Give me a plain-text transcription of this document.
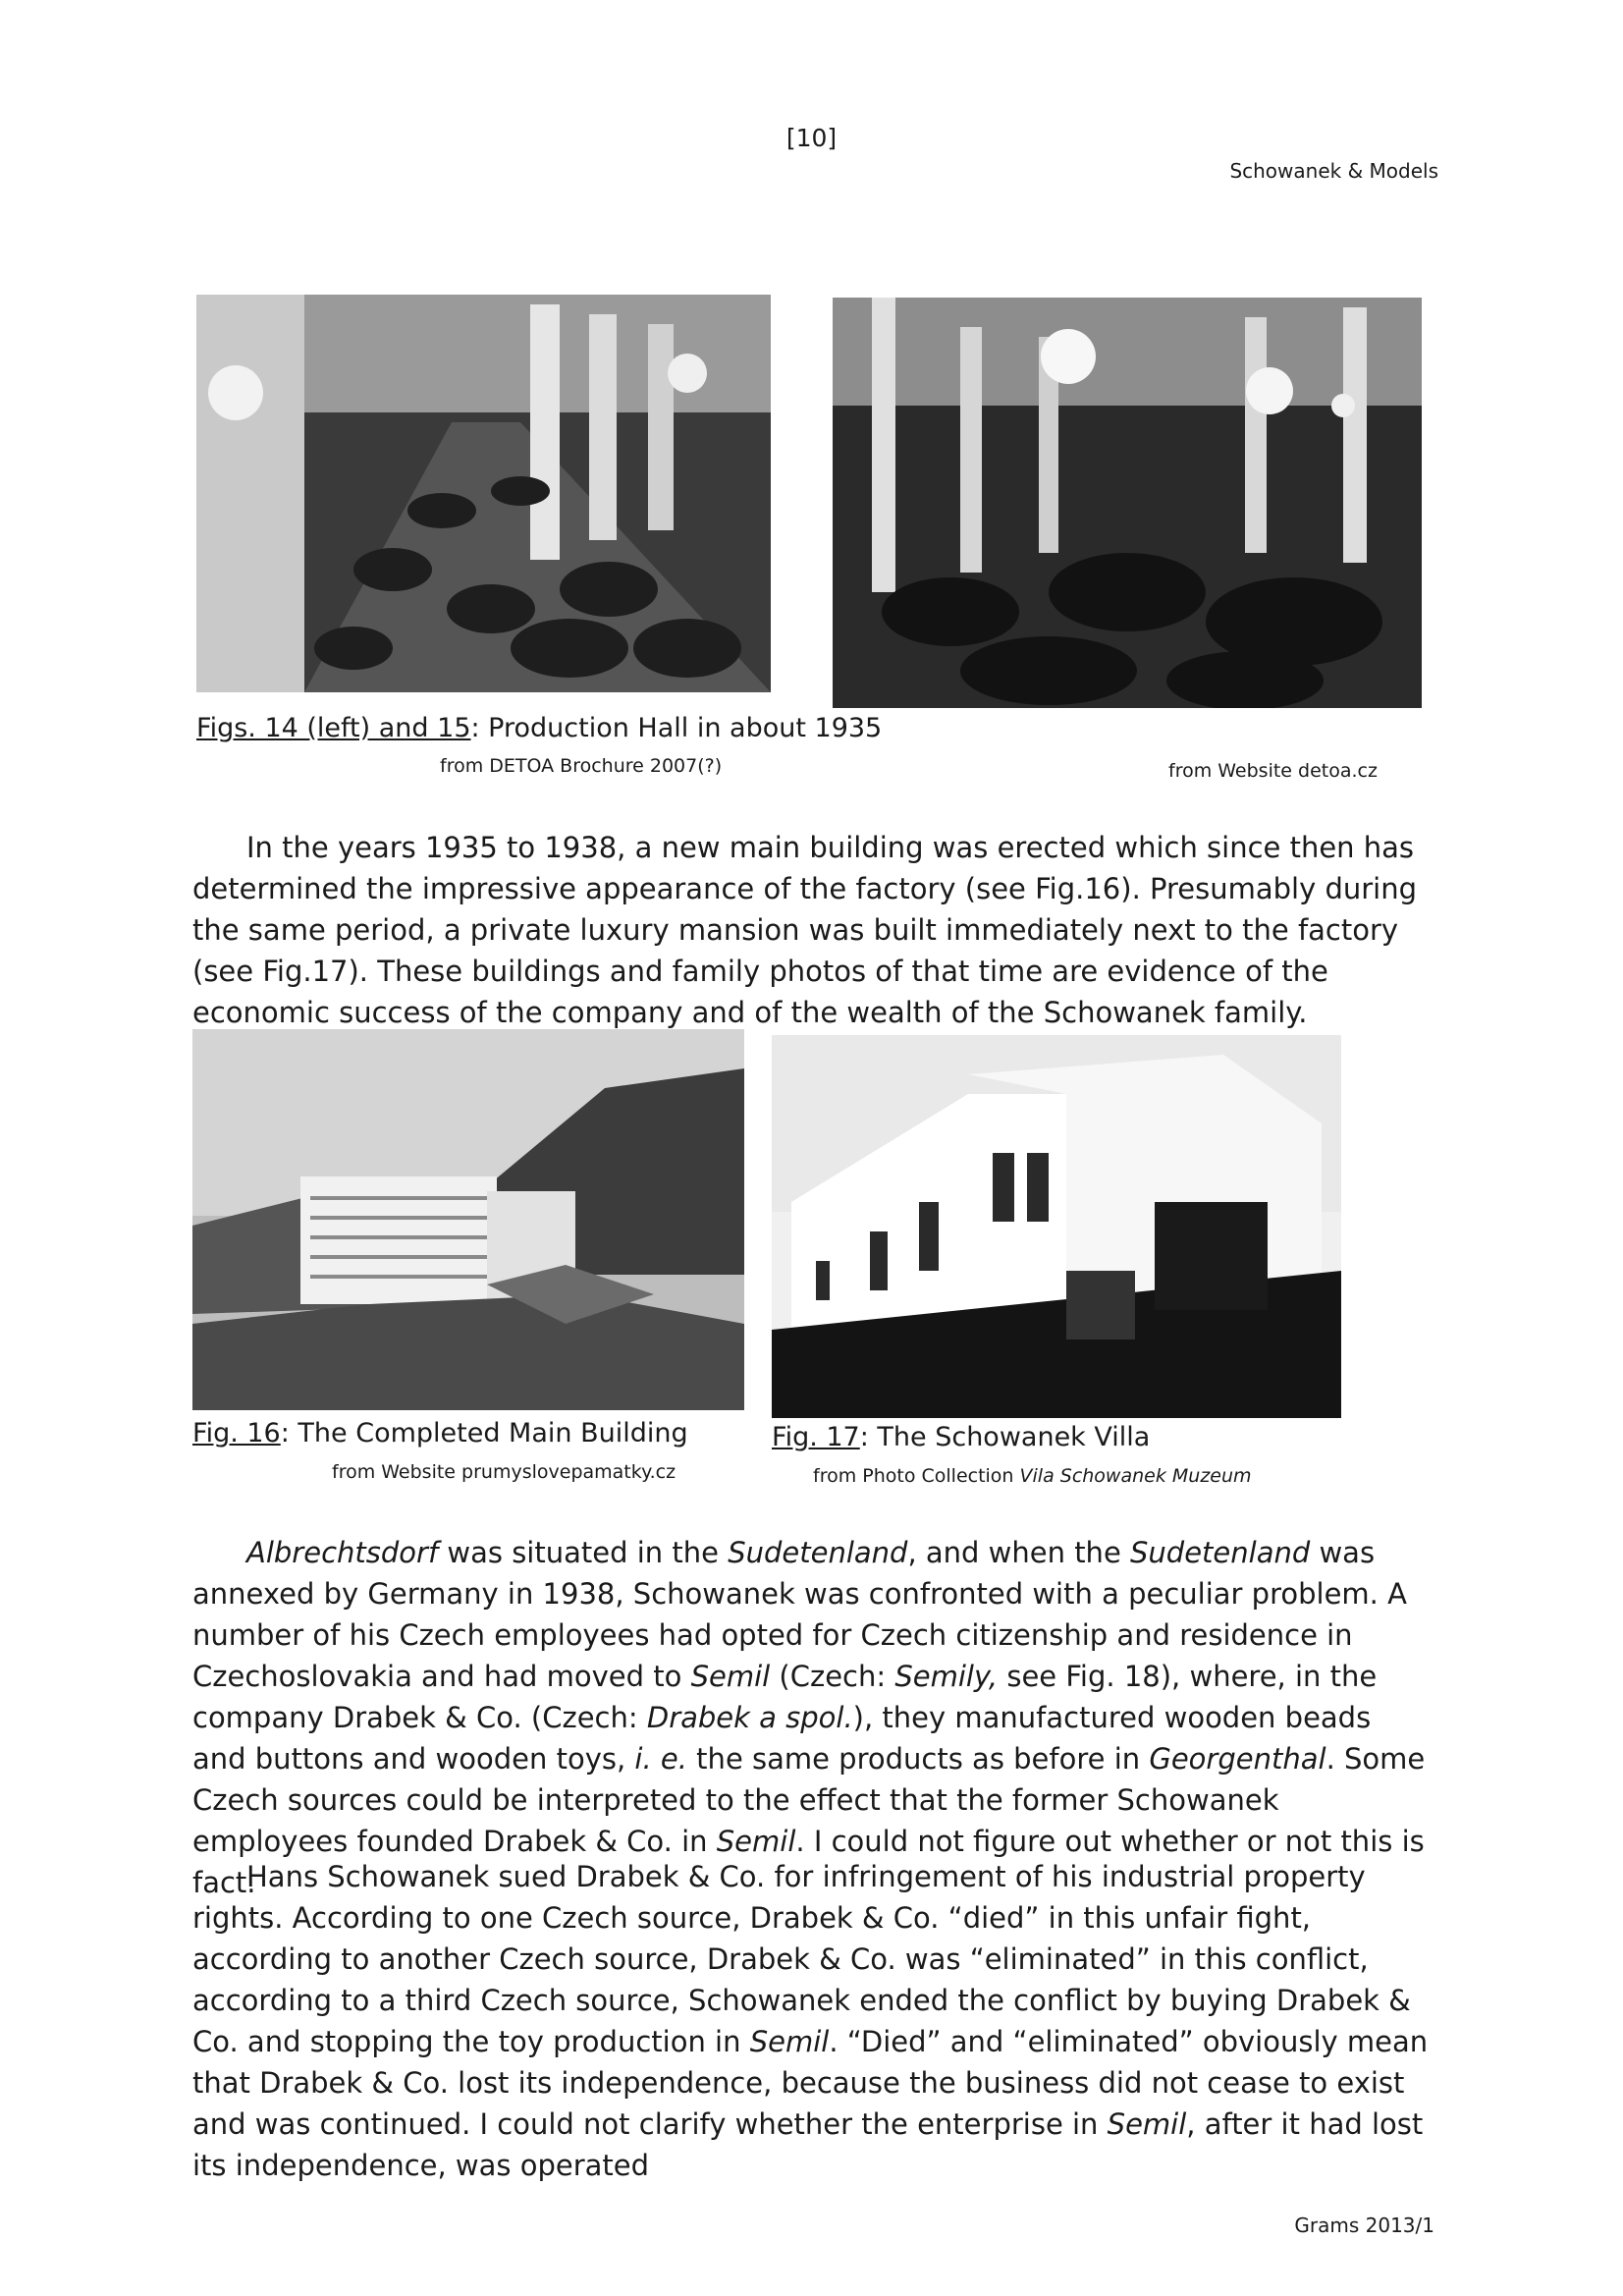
[10]
Schowanek & Models
Figs. 14 (left) and 15: Production Hall in about 1935
from DETOA Brochure 2007(?)	from Website detoa.cz

In the years 1935 to 1938, a new main building was erected which since then has determined the impressive appearance of the factory (see Fig.16). Presumably during the same period, a private luxury mansion was built immediately next to the factory (see Fig.17). These buildings and family photos of that time are evidence of the economic success of the company and of the wealth of the Schowanek family.

Fig. 16: The Completed Main Building
from Website prumyslovepamatky.cz
Fig. 17: The Schowanek Villa
from Photo Collection Vila Schowanek Muzeum

Albrechtsdorf was situated in the Sudetenland, and when the Sudetenland was annexed by Germany in 1938, Schowanek was confronted with a peculiar problem. A number of his Czech employees had opted for Czech citizenship and residence in Czechoslovakia and had moved to Semil (Czech: Semily, see Fig. 18), where, in the company Drabek & Co. (Czech: Drabek a spol.), they manufactured wooden beads and buttons and wooden toys, i. e. the same products as before in Georgenthal. Some Czech sources could be interpreted to the effect that the former Schowanek employees founded Drabek & Co. in Semil. I could not figure out whether or not this is fact.

Hans Schowanek sued Drabek & Co. for infringement of his industrial property rights. According to one Czech source, Drabek & Co. “died” in this unfair fight, according to another Czech source, Drabek & Co. was “eliminated” in this conflict, according to a third Czech source, Schowanek ended the conflict by buying Drabek & Co. and stopping the toy production in Semil. “Died” and “eliminated” obviously mean that Drabek & Co. lost its independence, because the business did not cease to exist and was continued. I could not clarify whether the enterprise in Semil, after it had lost its independence, was operated

Grams 2013/1
